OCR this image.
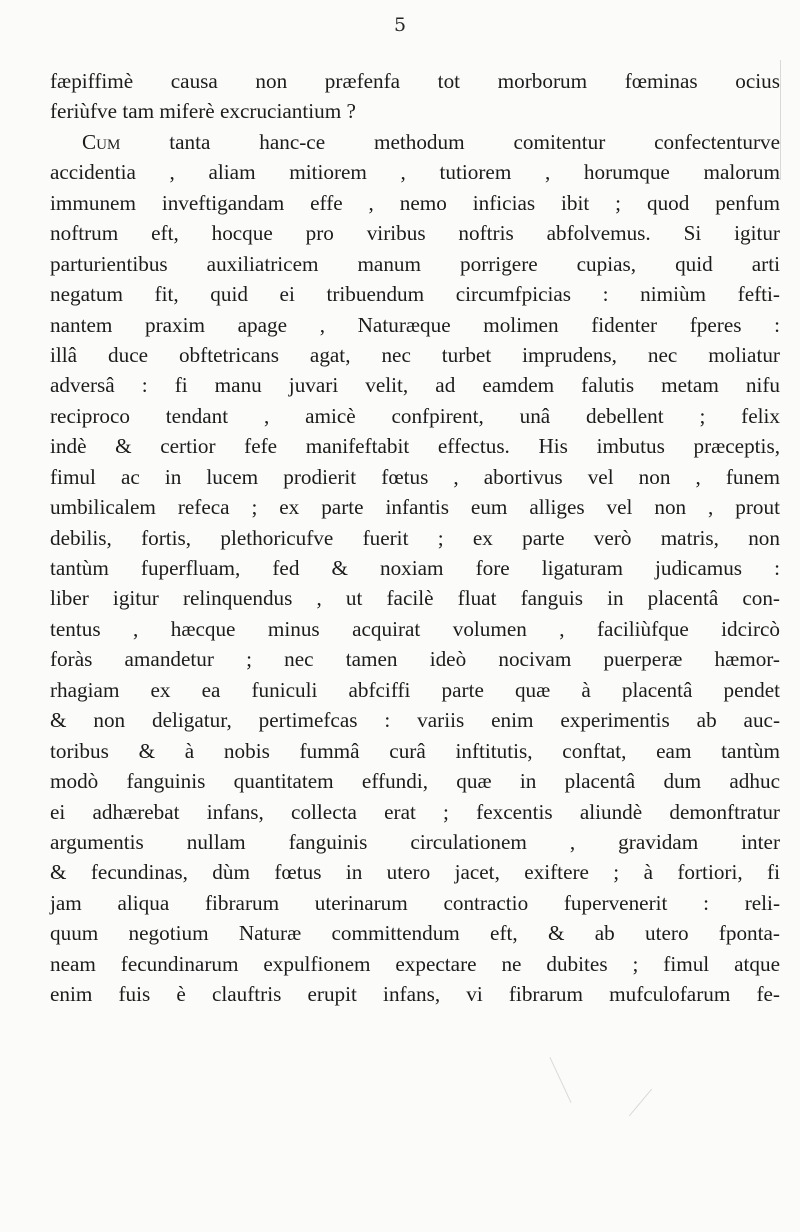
5
fæpiffimè causa non præfenfa tot morborum fœminas ocius
feriùfve tam miferè excruciantium ?
Cum tanta hanc-ce methodum comitentur confectenturve
accidentia , aliam mitiorem , tutiorem , horumque malorum
immunem inveftigandam effe , nemo inficias ibit ; quod penfum
noftrum eft, hocque pro viribus noftris abfolvemus. Si igitur
parturientibus auxiliatricem manum porrigere cupias, quid arti
negatum fit, quid ei tribuendum circumfpicias : nimiùm fefti-
nantem praxim apage , Naturæque molimen fidenter fperes :
illâ duce obftetricans agat, nec turbet imprudens, nec moliatur
adversâ : fi manu juvari velit, ad eamdem falutis metam nifu
reciproco tendant , amicè confpirent, unâ debellent ; felix
indè & certior fefe manifeftabit effectus. His imbutus præceptis,
fimul ac in lucem prodierit fœtus , abortivus vel non , funem
umbilicalem refeca ; ex parte infantis eum alliges vel non , prout
debilis, fortis, plethoricufve fuerit ; ex parte verò matris, non
tantùm fuperfluam, fed & noxiam fore ligaturam judicamus :
liber igitur relinquendus , ut facilè fluat fanguis in placentâ con-
tentus , hæcque minus acquirat volumen , faciliùfque idcircò
foràs amandetur ; nec tamen ideò nocivam puerperæ hæmor-
rhagiam ex ea funiculi abfciffi parte quæ à placentâ pendet
& non deligatur, pertimefcas : variis enim experimentis ab auc-
toribus & à nobis fummâ curâ inftitutis, conftat, eam tantùm
modò fanguinis quantitatem effundi, quæ in placentâ dum adhuc
ei adhærebat infans, collecta erat ; fexcentis aliundè demonftratur
argumentis nullam fanguinis circulationem , gravidam inter
& fecundinas, dùm fœtus in utero jacet, exiftere ; à fortiori, fi
jam aliqua fibrarum uterinarum contractio fupervenerit : reli-
quum negotium Naturæ committendum eft, & ab utero fponta-
neam fecundinarum expulfionem expectare ne dubites ; fimul atque
enim fuis è clauftris erupit infans, vi fibrarum mufculofarum fe-
